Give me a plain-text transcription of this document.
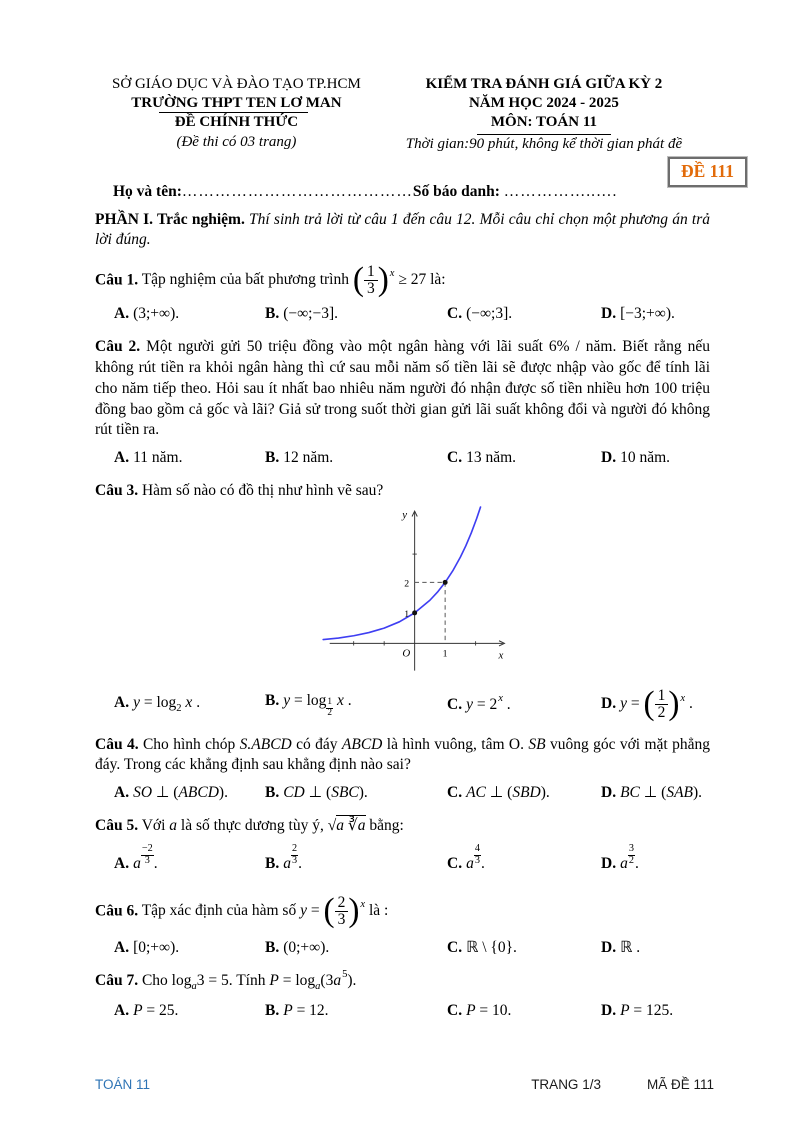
SỞ GIÁO DỤC VÀ ĐÀO TẠO TP.HCM
TRƯỜNG THPT TEN LƠ MAN
ĐỀ CHÍNH THỨC
(Đề thi có 03 trang)
KIỂM TRA ĐÁNH GIÁ GIỮA KỲ 2
NĂM HỌC 2024 - 2025
MÔN: TOÁN 11
Thời gian:90 phút, không kể thời gian phát đề
ĐỀ 111
Họ và tên:……………………………………Số báo danh: ……………..….
PHẦN I. Trắc nghiệm. Thí sinh trả lời từ câu 1 đến câu 12. Mỗi câu chỉ chọn một phương án trả lời đúng.

Câu 1. Tập nghiệm của bất phương trình ( $\frac{1}{3} )^x \ge 27$ là:

A. (3;+∞).	B. (−∞;−3].	C. (−∞;3].	D. [−3;+∞).

Câu 2. Một người gửi 50 triệu đồng vào một ngân hàng với lãi suất 6% / năm. Biết rằng nếu không rút tiền ra khỏi ngân hàng thì cứ sau mỗi năm số tiền lãi sẽ được nhập vào gốc để tính lãi cho năm tiếp theo. Hỏi sau ít nhất bao nhiêu năm người đó nhận được số tiền nhiều hơn 100 triệu đồng bao gồm cả gốc và lãi? Giả sử trong suốt thời gian gửi lãi suất không đổi và người đó không rút tiền ra.

A. 11 năm.	B. 12 năm.	C. 13 năm.	D. 10 năm.

Câu 3. Hàm số nào có đồ thị như hình vẽ sau?

y
x
O	1
1
2
A. $y = \log_2 x$ .	B. $y = \log \frac{1}{2}$ x .	C. $y = 2^x$ .	D. y = ( $\frac{1}{2} )^x$ .

Câu 4. Cho hình chóp S.ABCD có đáy ABCD là hình vuông, tâm O. SB vuông góc với mặt phẳng đáy. Trong các khẳng định sau khẳng định nào sai?

A. SO ⊥ (ABCD).	B. CD ⊥ (SBC).	C. AC ⊥ (SBD).	D. BC ⊥ (SAB).

Câu 5. Với a là số thực dương tùy ý, √a ∛a bằng:

A. a $\frac{-2}{3}$ .	B. a $\frac{2}{3}$ .	C. a $\frac{4}{3}$ .	D. a $\frac{3}{2}$ .

Câu 6. Tập xác định của hàm số y = ( $\frac{2}{3} )^x$ là :

A. [0;+∞).	B. (0;+∞).	C. ℝ \ {0}.	D. ℝ .

Câu 7. Cho $\log_a3 = 5$. Tính $P = \log_a(3a^5)$.

A. P = 25.	B. P = 12.	C. P = 10.	D. P = 125.
TOÁN 11	TRANG 1/3	MÃ ĐỀ 111
